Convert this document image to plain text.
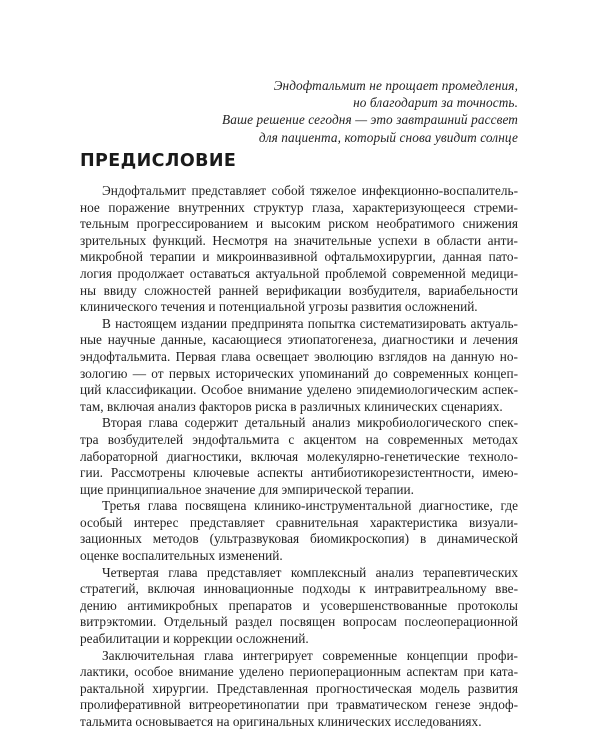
Эндофтальмит не прощает промедления,
но благодарит за точность.
Ваше решение сегодня — это завтрашний рассвет
для пациента, который снова увидит солнце
ПРЕДИСЛОВИЕ
Эндофтальмит представляет собой тяжелое инфекционно-воспалитель-
ное поражение внутренних структур глаза, характеризующееся стреми-
тельным прогрессированием и высоким риском необратимого снижения
зрительных функций. Несмотря на значительные успехи в области анти-
микробной терапии и микроинвазивной офтальмохирургии, данная пато-
логия продолжает оставаться актуальной проблемой современной медици-
ны ввиду сложностей ранней верификации возбудителя, вариабельности
клинического течения и потенциальной угрозы развития осложнений.
В настоящем издании предпринята попытка систематизировать актуаль-
ные научные данные, касающиеся этиопатогенеза, диагностики и лечения
эндофтальмита. Первая глава освещает эволюцию взглядов на данную но-
зологию — от первых исторических упоминаний до современных концеп-
ций классификации. Особое внимание уделено эпидемиологическим аспек-
там, включая анализ факторов риска в различных клинических сценариях.
Вторая глава содержит детальный анализ микробиологического спек-
тра возбудителей эндофтальмита с акцентом на современных методах
лабораторной диагностики, включая молекулярно-генетические техноло-
гии. Рассмотрены ключевые аспекты антибиотикорезистентности, имею-
щие принципиальное значение для эмпирической терапии.
Третья глава посвящена клинико-инструментальной диагностике, где
особый интерес представляет сравнительная характеристика визуали-
зационных методов (ультразвуковая биомикроскопия) в динамической
оценке воспалительных изменений.
Четвертая глава представляет комплексный анализ терапевтических
стратегий, включая инновационные подходы к интравитреальному вве-
дению антимикробных препаратов и усовершенствованные протоколы
витрэктомии. Отдельный раздел посвящен вопросам послеоперационной
реабилитации и коррекции осложнений.
Заключительная глава интегрирует современные концепции профи-
лактики, особое внимание уделено периоперационным аспектам при ката-
рактальной хирургии. Представленная прогностическая модель развития
пролиферативной витреоретинопатии при травматическом генезе эндоф-
тальмита основывается на оригинальных клинических исследованиях.
